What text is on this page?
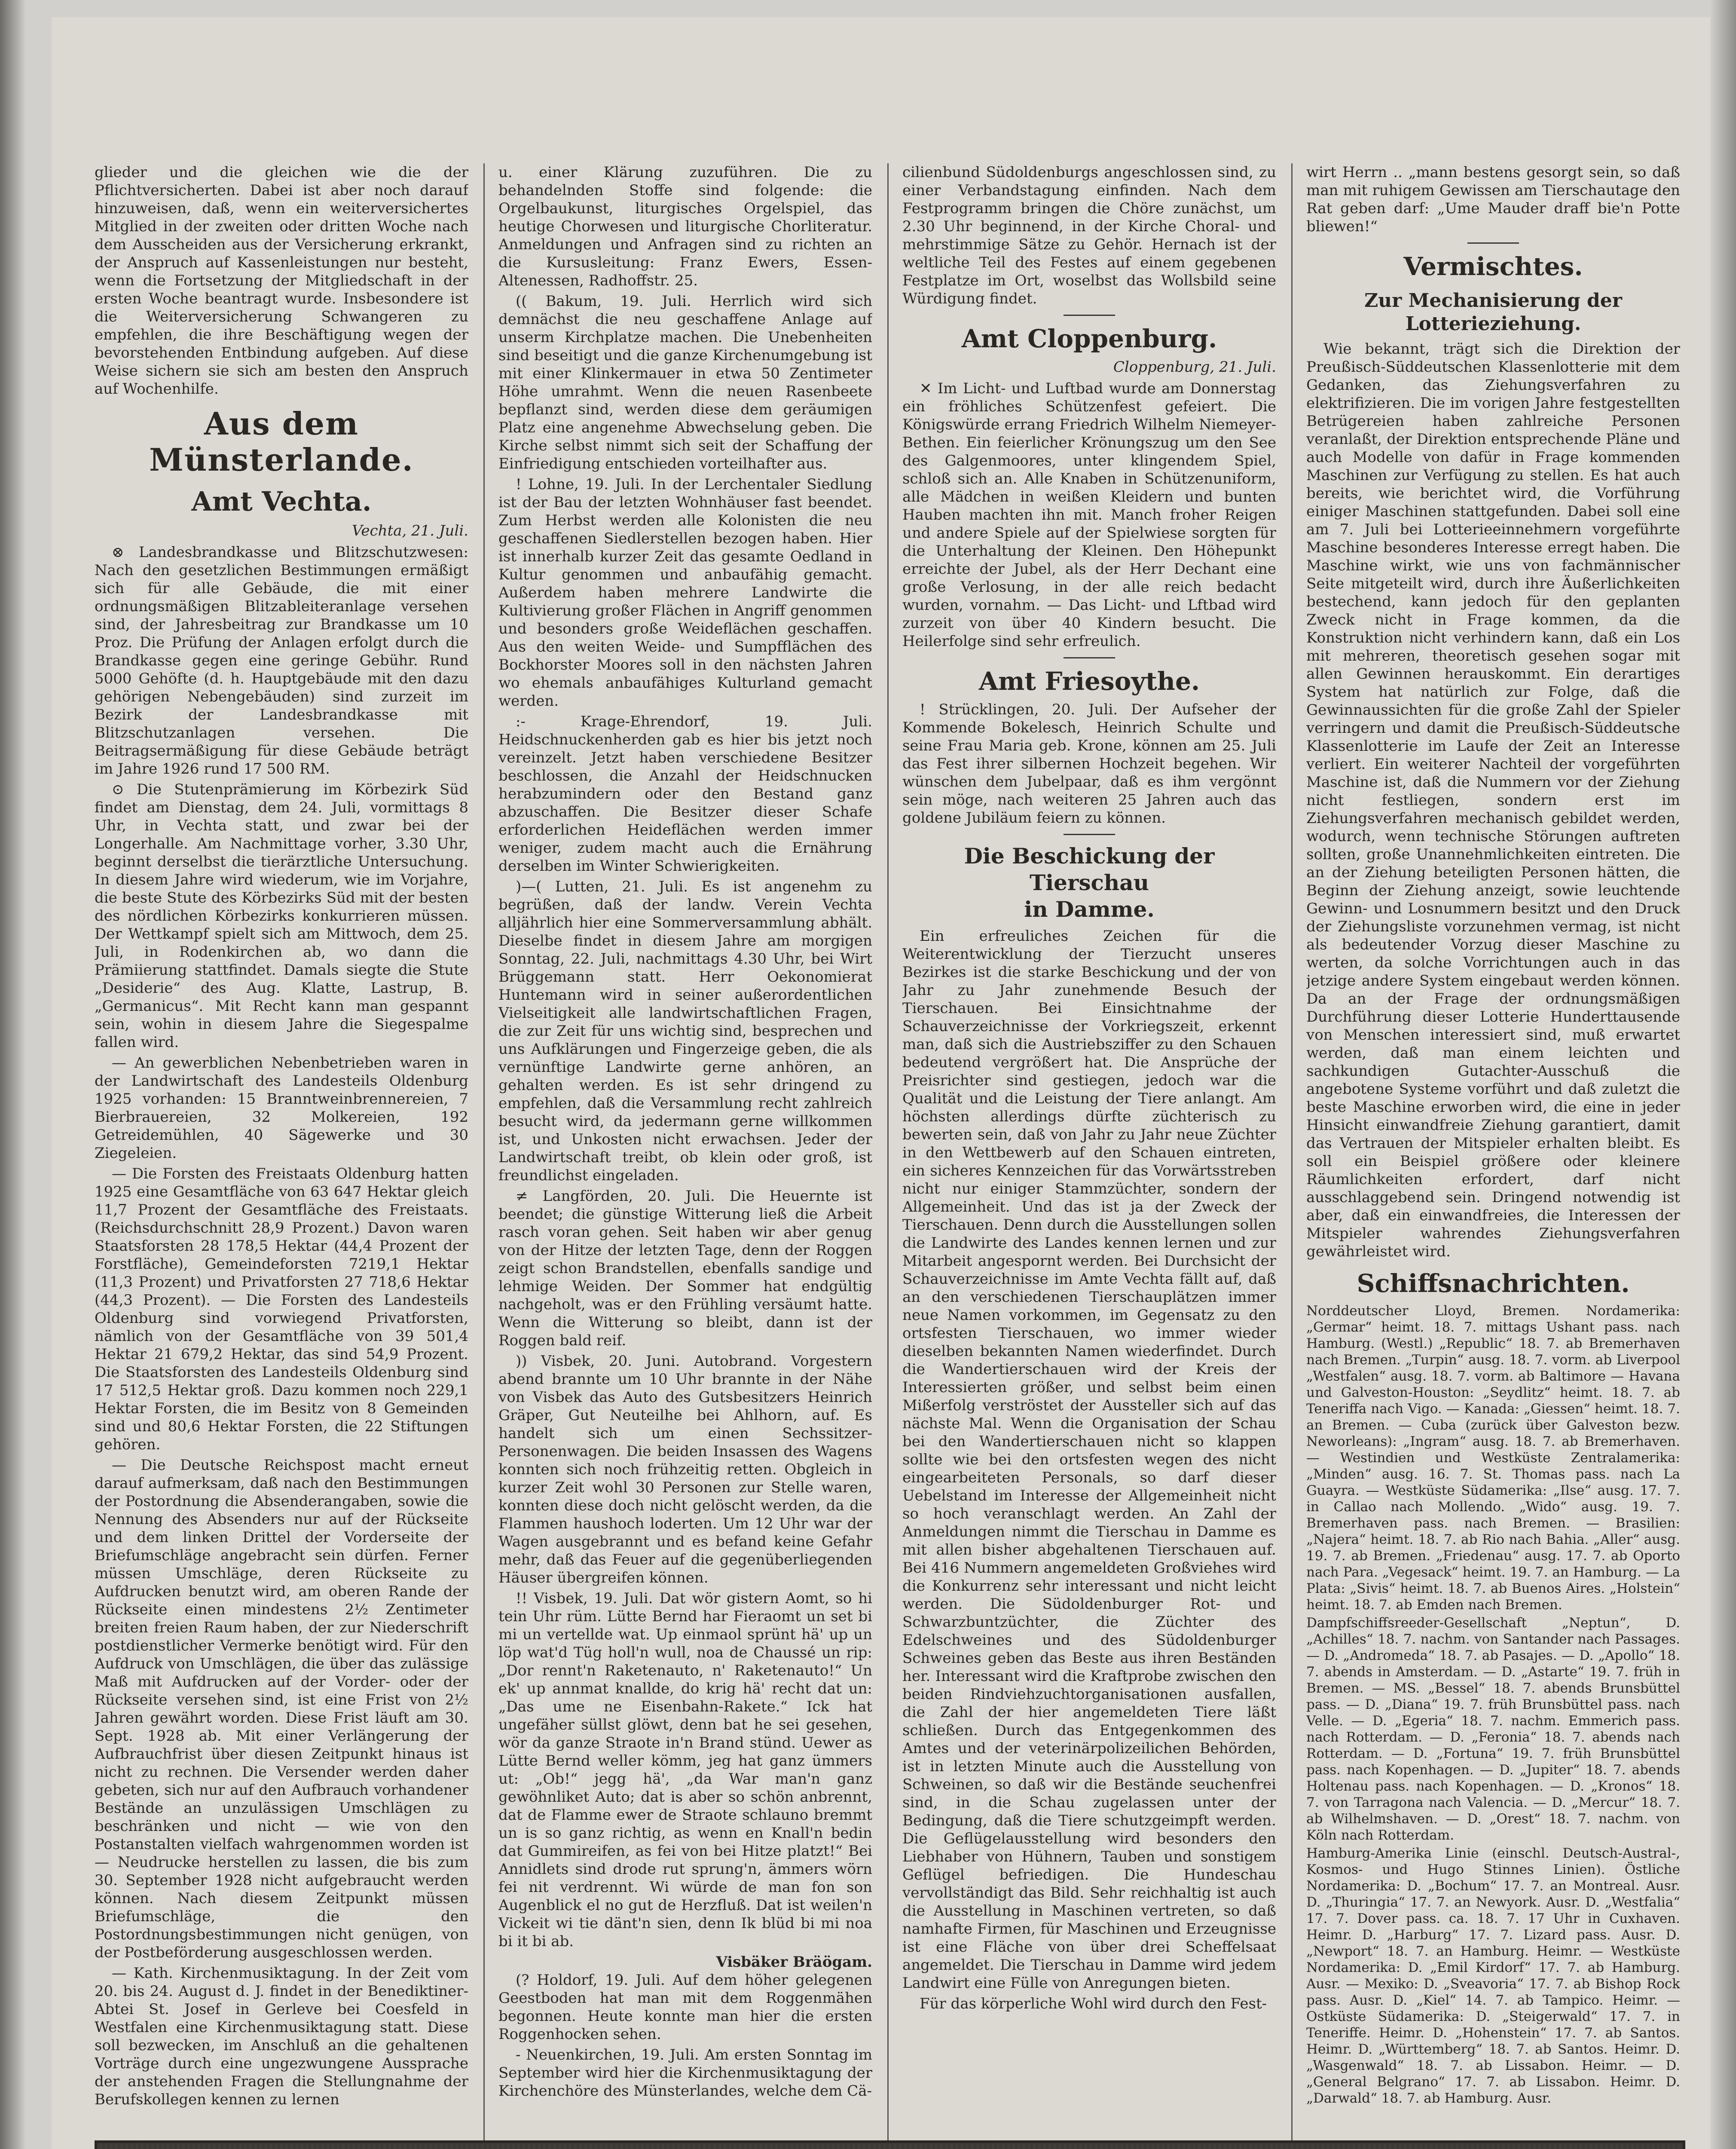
glieder und die gleichen wie die der Pflichtversicherten. Dabei ist aber noch darauf hinzuweisen, daß, wenn ein weiterversichertes Mitglied in der zweiten oder dritten Woche nach dem Ausscheiden aus der Versicherung erkrankt, der Anspruch auf Kassenleistungen nur besteht, wenn die Fortsetzung der Mitgliedschaft in der ersten Woche beantragt wurde. Insbesondere ist die Weiterversicherung Schwangeren zu empfehlen, die ihre Beschäftigung wegen der bevorstehenden Entbindung aufgeben. Auf diese Weise sichern sie sich am besten den Anspruch auf Wochenhilfe.

Aus dem Münsterlande.
Amt Vechta.
Vechta, 21. Juli.

⊗ Landesbrandkasse und Blitzschutzwesen: Nach den gesetzlichen Bestimmungen ermäßigt sich für alle Gebäude, die mit einer ordnungsmäßigen Blitzableiteranlage versehen sind, der Jahresbeitrag zur Brandkasse um 10 Proz. Die Prüfung der Anlagen erfolgt durch die Brandkasse gegen eine geringe Gebühr. Rund 5000 Gehöfte (d. h. Hauptgebäude mit den dazu gehörigen Nebengebäuden) sind zurzeit im Bezirk der Landesbrandkasse mit Blitzschutzanlagen versehen. Die Beitragsermäßigung für diese Gebäude beträgt im Jahre 1926 rund 17 500 RM.

⊙ Die Stutenprämierung im Körbezirk Süd findet am Dienstag, dem 24. Juli, vormittags 8 Uhr, in Vechta statt, und zwar bei der Longerhalle. Am Nachmittage vorher, 3.30 Uhr, beginnt derselbst die tierärztliche Untersuchung. In diesem Jahre wird wiederum, wie im Vorjahre, die beste Stute des Körbezirks Süd mit der besten des nördlichen Körbezirks konkurrieren müssen. Der Wettkampf spielt sich am Mittwoch, dem 25. Juli, in Rodenkirchen ab, wo dann die Prämiierung stattfindet. Damals siegte die Stute „Desiderie“ des Aug. Klatte, Lastrup, B. „Germanicus“. Mit Recht kann man gespannt sein, wohin in diesem Jahre die Siegespalme fallen wird.

— An gewerblichen Nebenbetrieben waren in der Landwirtschaft des Landesteils Oldenburg 1925 vorhanden: 15 Branntweinbrennereien, 7 Bierbrauereien, 32 Molkereien, 192 Getreidemühlen, 40 Sägewerke und 30 Ziegeleien.

— Die Forsten des Freistaats Oldenburg hatten 1925 eine Gesamtfläche von 63 647 Hektar gleich 11,7 Prozent der Gesamtfläche des Freistaats. (Reichsdurchschnitt 28,9 Prozent.) Davon waren Staatsforsten 28 178,5 Hektar (44,4 Prozent der Forstfläche), Gemeindeforsten 7219,1 Hektar (11,3 Prozent) und Privatforsten 27 718,6 Hektar (44,3 Prozent). — Die Forsten des Landesteils Oldenburg sind vorwiegend Privatforsten, nämlich von der Gesamtfläche von 39 501,4 Hektar 21 679,2 Hektar, das sind 54,9 Prozent. Die Staatsforsten des Landesteils Oldenburg sind 17 512,5 Hektar groß. Dazu kommen noch 229,1 Hektar Forsten, die im Besitz von 8 Gemeinden sind und 80,6 Hektar Forsten, die 22 Stiftungen gehören.

— Die Deutsche Reichspost macht erneut darauf aufmerksam, daß nach den Bestimmungen der Postordnung die Absenderangaben, sowie die Nennung des Absenders nur auf der Rückseite und dem linken Drittel der Vorderseite der Briefumschläge angebracht sein dürfen. Ferner müssen Umschläge, deren Rückseite zu Aufdrucken benutzt wird, am oberen Rande der Rückseite einen mindestens 2½ Zentimeter breiten freien Raum haben, der zur Niederschrift postdienstlicher Vermerke benötigt wird. Für den Aufdruck von Umschlägen, die über das zulässige Maß mit Aufdrucken auf der Vorder- oder der Rückseite versehen sind, ist eine Frist von 2½ Jahren gewährt worden. Diese Frist läuft am 30. Sept. 1928 ab. Mit einer Verlängerung der Aufbrauchfrist über diesen Zeitpunkt hinaus ist nicht zu rechnen. Die Versender werden daher gebeten, sich nur auf den Aufbrauch vorhandener Bestände an unzulässigen Umschlägen zu beschränken und nicht — wie von den Postanstalten vielfach wahrgenommen worden ist — Neudrucke herstellen zu lassen, die bis zum 30. September 1928 nicht aufgebraucht werden können. Nach diesem Zeitpunkt müssen Briefumschläge, die den Postordnungsbestimmungen nicht genügen, von der Postbeförderung ausgeschlossen werden.

— Kath. Kirchenmusiktagung. In der Zeit vom 20. bis 24. August d. J. findet in der Benediktiner-Abtei St. Josef in Gerleve bei Coesfeld in Westfalen eine Kirchenmusiktagung statt. Diese soll bezwecken, im Anschluß an die gehaltenen Vorträge durch eine ungezwungene Aussprache der anstehenden Fragen die Stellungnahme der Berufskollegen kennen zu lernen

u. einer Klärung zuzuführen. Die zu behandelnden Stoffe sind folgende: die Orgelbaukunst, liturgisches Orgelspiel, das heutige Chorwesen und liturgische Chorliteratur. Anmeldungen und Anfragen sind zu richten an die Kursusleitung: Franz Ewers, Essen-Altenessen, Radhoffstr. 25.

(( Bakum, 19. Juli. Herrlich wird sich demnächst die neu geschaffene Anlage auf unserm Kirchplatze machen. Die Unebenheiten sind beseitigt und die ganze Kirchenumgebung ist mit einer Klinkermauer in etwa 50 Zentimeter Höhe umrahmt. Wenn die neuen Rasenbeete bepflanzt sind, werden diese dem geräumigen Platz eine angenehme Abwechselung geben. Die Kirche selbst nimmt sich seit der Schaffung der Einfriedigung entschieden vorteilhafter aus.

! Lohne, 19. Juli. In der Lerchentaler Siedlung ist der Bau der letzten Wohnhäuser fast beendet. Zum Herbst werden alle Kolonisten die neu geschaffenen Siedlerstellen bezogen haben. Hier ist innerhalb kurzer Zeit das gesamte Oedland in Kultur genommen und anbaufähig gemacht. Außerdem haben mehrere Landwirte die Kultivierung großer Flächen in Angriff genommen und besonders große Weideflächen geschaffen. Aus den weiten Weide- und Sumpfflächen des Bockhorster Moores soll in den nächsten Jahren wo ehemals anbaufähiges Kulturland gemacht werden.

:- Krage-Ehrendorf, 19. Juli. Heidschnuckenherden gab es hier bis jetzt noch vereinzelt. Jetzt haben verschiedene Besitzer beschlossen, die Anzahl der Heidschnucken herabzumindern oder den Bestand ganz abzuschaffen. Die Besitzer dieser Schafe erforderlichen Heideflächen werden immer weniger, zudem macht auch die Ernährung derselben im Winter Schwierigkeiten.

)—( Lutten, 21. Juli. Es ist angenehm zu begrüßen, daß der landw. Verein Vechta alljährlich hier eine Sommerversammlung abhält. Dieselbe findet in diesem Jahre am morgigen Sonntag, 22. Juli, nachmittags 4.30 Uhr, bei Wirt Brüggemann statt. Herr Oekonomierat Huntemann wird in seiner außerordentlichen Vielseitigkeit alle landwirtschaftlichen Fragen, die zur Zeit für uns wichtig sind, besprechen und uns Aufklärungen und Fingerzeige geben, die als vernünftige Landwirte gerne anhören, an gehalten werden. Es ist sehr dringend zu empfehlen, daß die Versammlung recht zahlreich besucht wird, da jedermann gerne willkommen ist, und Unkosten nicht erwachsen. Jeder der Landwirtschaft treibt, ob klein oder groß, ist freundlichst eingeladen.

≠ Langförden, 20. Juli. Die Heuernte ist beendet; die günstige Witterung ließ die Arbeit rasch voran gehen. Seit haben wir aber genug von der Hitze der letzten Tage, denn der Roggen zeigt schon Brandstellen, ebenfalls sandige und lehmige Weiden. Der Sommer hat endgültig nachgeholt, was er den Frühling versäumt hatte. Wenn die Witterung so bleibt, dann ist der Roggen bald reif.

)) Visbek, 20. Juni. Autobrand. Vorgestern abend brannte um 10 Uhr brannte in der Nähe von Visbek das Auto des Gutsbesitzers Heinrich Gräper, Gut Neuteilhe bei Ahlhorn, auf. Es handelt sich um einen Sechssitzer-Personenwagen. Die beiden Insassen des Wagens konnten sich noch frühzeitig retten. Obgleich in kurzer Zeit wohl 30 Personen zur Stelle waren, konnten diese doch nicht gelöscht werden, da die Flammen haushoch loderten. Um 12 Uhr war der Wagen ausgebrannt und es befand keine Gefahr mehr, daß das Feuer auf die gegenüberliegenden Häuser übergreifen können.

!! Visbek, 19. Juli. Dat wör gistern Aomt, so hi tein Uhr rüm. Lütte Bernd har Fieraomt un set bi mi un vertellde wat. Up einmaol sprünt hä' up un löp wat'd Tüg holl'n wull, noa de Chaussé un rip: „Dor rennt'n Raketenauto, n' Raketenauto!“ Un ek' up annmat knallde, do krig hä' recht dat un: „Das ume ne Eisenbahn-Rakete.“ Ick hat ungefäher süllst glöwt, denn bat he sei gesehen, wör da ganze Straote in'n Brand stünd. Uewer as Lütte Bernd weller kömm, jeg hat ganz ümmers ut: „Ob!“ jegg hä', „da War man'n ganz gewöhnliket Auto; dat is aber so schön anbrennt, dat de Flamme ewer de Straote schlauno bremmt un is so ganz richtig, as wenn en Knall'n bedin dat Gummireifen, as fei von bei Hitze platzt!“ Bei Annidlets sind drode rut sprung'n, ämmers wörn fei nit verdrennt. Wi würde de man fon son Augenblick el no gut de Herzfluß. Dat ist weilen'n Vickeit wi tie dänt'n sien, denn Ik blüd bi mi noa bi it bi ab.

Visbäker Bräögam.

(? Holdorf, 19. Juli. Auf dem höher gelegenen Geestboden hat man mit dem Roggenmähen begonnen. Heute konnte man hier die ersten Roggenhocken sehen.

- Neuenkirchen, 19. Juli. Am ersten Sonntag im September wird hier die Kirchenmusiktagung der Kirchenchöre des Münsterlandes, welche dem Cä-

cilienbund Südoldenburgs angeschlossen sind, zu einer Verbandstagung einfinden. Nach dem Festprogramm bringen die Chöre zunächst, um 2.30 Uhr beginnend, in der Kirche Choral- und mehrstimmige Sätze zu Gehör. Hernach ist der weltliche Teil des Festes auf einem gegebenen Festplatze im Ort, woselbst das Wollsbild seine Würdigung findet.

Amt Cloppenburg.
Cloppenburg, 21. Juli.

✕ Im Licht- und Luftbad wurde am Donnerstag ein fröhliches Schützenfest gefeiert. Die Königswürde errang Friedrich Wilhelm Niemeyer-Bethen. Ein feierlicher Krönungszug um den See des Galgenmoores, unter klingendem Spiel, schloß sich an. Alle Knaben in Schützenuniform, alle Mädchen in weißen Kleidern und bunten Hauben machten ihn mit. Manch froher Reigen und andere Spiele auf der Spielwiese sorgten für die Unterhaltung der Kleinen. Den Höhepunkt erreichte der Jubel, als der Herr Dechant eine große Verlosung, in der alle reich bedacht wurden, vornahm. — Das Licht- und Lftbad wird zurzeit von über 40 Kindern besucht. Die Heilerfolge sind sehr erfreulich.

Amt Friesoythe.

! Strücklingen, 20. Juli. Der Aufseher der Kommende Bokelesch, Heinrich Schulte und seine Frau Maria geb. Krone, können am 25. Juli das Fest ihrer silbernen Hochzeit begehen. Wir wünschen dem Jubelpaar, daß es ihm vergönnt sein möge, nach weiteren 25 Jahren auch das goldene Jubiläum feiern zu können.

Die Beschickung der Tierschau
in Damme.

Ein erfreuliches Zeichen für die Weiterentwicklung der Tierzucht unseres Bezirkes ist die starke Beschickung und der von Jahr zu Jahr zunehmende Besuch der Tierschauen. Bei Einsichtnahme der Schauverzeichnisse der Vorkriegszeit, erkennt man, daß sich die Austriebsziffer zu den Schauen bedeutend vergrößert hat. Die Ansprüche der Preisrichter sind gestiegen, jedoch war die Qualität und die Leistung der Tiere anlangt. Am höchsten allerdings dürfte züchterisch zu bewerten sein, daß von Jahr zu Jahr neue Züchter in den Wettbewerb auf den Schauen eintreten, ein sicheres Kennzeichen für das Vorwärtsstreben nicht nur einiger Stammzüchter, sondern der Allgemeinheit. Und das ist ja der Zweck der Tierschauen. Denn durch die Ausstellungen sollen die Landwirte des Landes kennen lernen und zur Mitarbeit angespornt werden. Bei Durchsicht der Schauverzeichnisse im Amte Vechta fällt auf, daß an den verschiedenen Tierschauplätzen immer neue Namen vorkommen, im Gegensatz zu den ortsfesten Tierschauen, wo immer wieder dieselben bekannten Namen wiederfindet. Durch die Wandertierschauen wird der Kreis der Interessierten größer, und selbst beim einen Mißerfolg verströstet der Aussteller sich auf das nächste Mal. Wenn die Organisation der Schau bei den Wandertierschauen nicht so klappen sollte wie bei den ortsfesten wegen des nicht eingearbeiteten Personals, so darf dieser Uebelstand im Interesse der Allgemeinheit nicht so hoch veranschlagt werden. An Zahl der Anmeldungen nimmt die Tierschau in Damme es mit allen bisher abgehaltenen Tierschauen auf. Bei 416 Nummern angemeldeten Großviehes wird die Konkurrenz sehr interessant und nicht leicht werden. Die Südoldenburger Rot- und Schwarzbuntzüchter, die Züchter des Edelschweines und des Südoldenburger Schweines geben das Beste aus ihren Beständen her. Interessant wird die Kraftprobe zwischen den beiden Rindviehzuchtorganisationen ausfallen, die Zahl der hier angemeldeten Tiere läßt schließen. Durch das Entgegenkommen des Amtes und der veterinärpolizeilichen Behörden, ist in letzten Minute auch die Ausstellung von Schweinen, so daß wir die Bestände seuchenfrei sind, in die Schau zugelassen unter der Bedingung, daß die Tiere schutzgeimpft werden. Die Geflügelausstellung wird besonders den Liebhaber von Hühnern, Tauben und sonstigem Geflügel befriedigen. Die Hundeschau vervollständigt das Bild. Sehr reichhaltig ist auch die Ausstellung in Maschinen vertreten, so daß namhafte Firmen, für Maschinen und Erzeugnisse ist eine Fläche von über drei Scheffelsaat angemeldet. Die Tierschau in Damme wird jedem Landwirt eine Fülle von Anregungen bieten.

Für das körperliche Wohl wird durch den Fest-

wirt Herrn .. „mann bestens gesorgt sein, so daß man mit ruhigem Gewissen am Tierschautage den Rat geben darf: „Ume Mauder draff bie'n Potte bliewen!“

Vermischtes.
Zur Mechanisierung der Lotterieziehung.

Wie bekannt, trägt sich die Direktion der Preußisch-Süddeutschen Klassenlotterie mit dem Gedanken, das Ziehungsverfahren zu elektrifizieren. Die im vorigen Jahre festgestellten Betrügereien haben zahlreiche Personen veranlaßt, der Direktion entsprechende Pläne und auch Modelle von dafür in Frage kommenden Maschinen zur Verfügung zu stellen. Es hat auch bereits, wie berichtet wird, die Vorführung einiger Maschinen stattgefunden. Dabei soll eine am 7. Juli bei Lotterieeinnehmern vorgeführte Maschine besonderes Interesse erregt haben. Die Maschine wirkt, wie uns von fachmännischer Seite mitgeteilt wird, durch ihre Äußerlichkeiten bestechend, kann jedoch für den geplanten Zweck nicht in Frage kommen, da die Konstruktion nicht verhindern kann, daß ein Los mit mehreren, theoretisch gesehen sogar mit allen Gewinnen herauskommt. Ein derartiges System hat natürlich zur Folge, daß die Gewinnaussichten für die große Zahl der Spieler verringern und damit die Preußisch-Süddeutsche Klassenlotterie im Laufe der Zeit an Interesse verliert. Ein weiterer Nachteil der vorgeführten Maschine ist, daß die Nummern vor der Ziehung nicht festliegen, sondern erst im Ziehungsverfahren mechanisch gebildet werden, wodurch, wenn technische Störungen auftreten sollten, große Unannehmlichkeiten eintreten. Die an der Ziehung beteiligten Personen hätten, die Beginn der Ziehung anzeigt, sowie leuchtende Gewinn- und Losnummern besitzt und den Druck der Ziehungsliste vorzunehmen vermag, ist nicht als bedeutender Vorzug dieser Maschine zu werten, da solche Vorrichtungen auch in das jetzige andere System eingebaut werden können. Da an der Frage der ordnungsmäßigen Durchführung dieser Lotterie Hunderttausende von Menschen interessiert sind, muß erwartet werden, daß man einem leichten und sachkundigen Gutachter-Ausschuß die angebotene Systeme vorführt und daß zuletzt die beste Maschine erworben wird, die eine in jeder Hinsicht einwandfreie Ziehung garantiert, damit das Vertrauen der Mitspieler erhalten bleibt. Es soll ein Beispiel größere oder kleinere Räumlichkeiten erfordert, darf nicht ausschlaggebend sein. Dringend notwendig ist aber, daß ein einwandfreies, die Interessen der Mitspieler wahrendes Ziehungsverfahren gewährleistet wird.

Schiffsnachrichten.

Norddeutscher Lloyd, Bremen. Nordamerika: „Germar“ heimt. 18. 7. mittags Ushant pass. nach Hamburg. (Westl.) „Republic“ 18. 7. ab Bremerhaven nach Bremen. „Turpin“ ausg. 18. 7. vorm. ab Liverpool „Westfalen“ ausg. 18. 7. vorm. ab Baltimore — Havana und Galveston-Houston: „Seydlitz“ heimt. 18. 7. ab Teneriffa nach Vigo. — Kanada: „Giessen“ heimt. 18. 7. an Bremen. — Cuba (zurück über Galveston bezw. Neworleans): „Ingram“ ausg. 18. 7. ab Bremerhaven. — Westindien und Westküste Zentralamerika: „Minden“ ausg. 16. 7. St. Thomas pass. nach La Guayra. — Westküste Südamerika: „Ilse“ ausg. 17. 7. in Callao nach Mollendo. „Wido“ ausg. 19. 7. Bremerhaven pass. nach Bremen. — Brasilien: „Najera“ heimt. 18. 7. ab Rio nach Bahia. „Aller“ ausg. 19. 7. ab Bremen. „Friedenau“ ausg. 17. 7. ab Oporto nach Para. „Vegesack“ heimt. 19. 7. an Hamburg. — La Plata: „Sivis“ heimt. 18. 7. ab Buenos Aires. „Holstein“ heimt. 18. 7. ab Emden nach Bremen.

Dampfschiffsreeder-Gesellschaft „Neptun“, D. „Achilles“ 18. 7. nachm. von Santander nach Passages. — D. „Andromeda“ 18. 7. ab Pasajes. — D. „Apollo“ 18. 7. abends in Amsterdam. — D. „Astarte“ 19. 7. früh in Bremen. — MS. „Bessel“ 18. 7. abends Brunsbüttel pass. — D. „Diana“ 19. 7. früh Brunsbüttel pass. nach Velle. — D. „Egeria“ 18. 7. nachm. Emmerich pass. nach Rotterdam. — D. „Feronia“ 18. 7. abends nach Rotterdam. — D. „Fortuna“ 19. 7. früh Brunsbüttel pass. nach Kopenhagen. — D. „Jupiter“ 18. 7. abends Holtenau pass. nach Kopenhagen. — D. „Kronos“ 18. 7. von Tarragona nach Valencia. — D. „Mercur“ 18. 7. ab Wilhelmshaven. — D. „Orest“ 18. 7. nachm. von Köln nach Rotterdam.

Hamburg-Amerika Linie (einschl. Deutsch-Austral-, Kosmos- und Hugo Stinnes Linien). Östliche Nordamerika: D. „Bochum“ 17. 7. an Montreal. Ausr. D. „Thuringia“ 17. 7. an Newyork. Ausr. D. „Westfalia“ 17. 7. Dover pass. ca. 18. 7. 17 Uhr in Cuxhaven. Heimr. D. „Harburg“ 17. 7. Lizard pass. Ausr. D. „Newport“ 18. 7. an Hamburg. Heimr. — Westküste Nordamerika: D. „Emil Kirdorf“ 17. 7. ab Hamburg. Ausr. — Mexiko: D. „Sveavoria“ 17. 7. ab Bishop Rock pass. Ausr. D. „Kiel“ 14. 7. ab Tampico. Heimr. — Ostküste Südamerika: D. „Steigerwald“ 17. 7. in Teneriffe. Heimr. D. „Hohenstein“ 17. 7. ab Santos. Heimr. D. „Württemberg“ 18. 7. ab Santos. Heimr. D. „Wasgenwald“ 18. 7. ab Lissabon. Heimr. — D. „General Belgrano“ 17. 7. ab Lissabon. Heimr. D. „Darwald“ 18. 7. ab Hamburg. Ausr.
